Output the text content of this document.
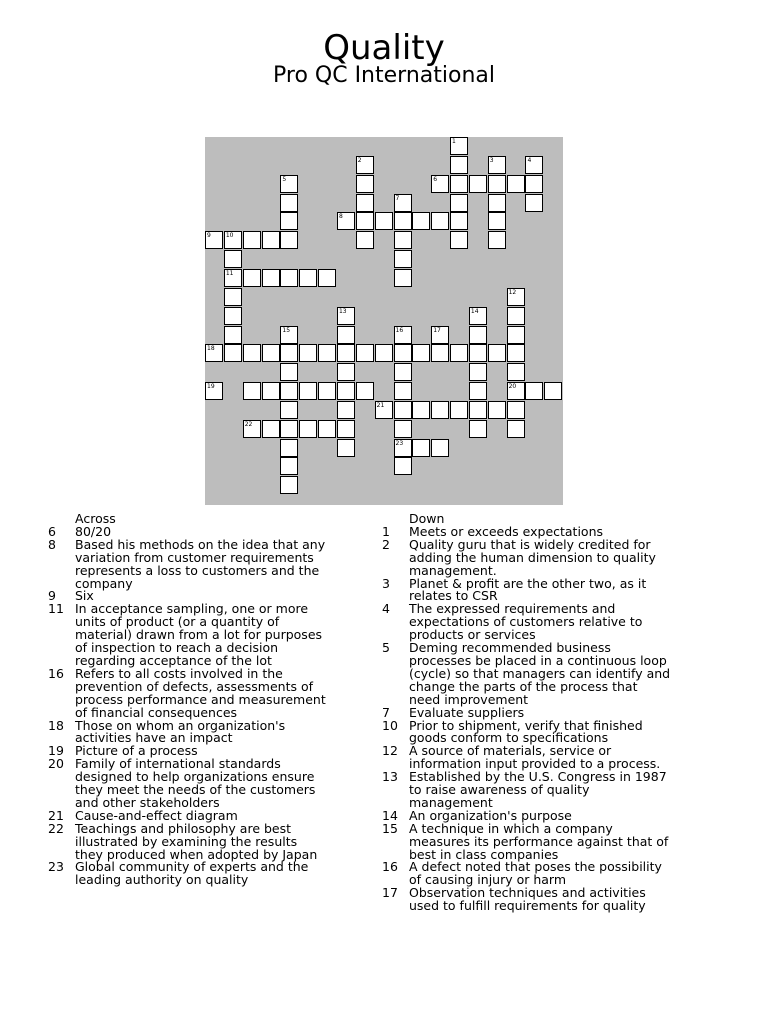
Quality
Pro QC International
1
2	3	4
5	6
7
8
9	10
11
12
20
13	14
15	16
23
17
18
19
21
22
Across
6	80/20
8	Based his methods on the idea that any variation from customer requirements represents a loss to customers and the company
9	Six
11 In acceptance sampling, one or more units of product (or a quantity of material) drawn from a lot for purposes of inspection to reach a decision regarding acceptance of the lot
16 Refers to all costs involved in the prevention of defects, assessments of process performance and measurement of financial consequences
18 Those on whom an organization's activities have an impact
19 Picture of a process
20 Family of international standards designed to help organizations ensure they meet the needs of the customers and other stakeholders
21 Cause-and-effect diagram
22 Teachings and philosophy are best illustrated by examining the results they produced when adopted by Japan
23 Global community of experts and the leading authority on quality
Down
1	Meets or exceeds expectations
2	Quality guru that is widely credited for adding the human dimension to quality management.
3	Planet & profit are the other two, as it relates to CSR
4	The expressed requirements and expectations of customers relative to products or services
5	Deming recommended business processes be placed in a continuous loop (cycle) so that managers can identify and change the parts of the process that need improvement
7	Evaluate suppliers
10 Prior to shipment, verify that finished goods conform to specifications
12 A source of materials, service or information input provided to a process.
13 Established by the U.S. Congress in 1987 to raise awareness of quality management
14 An organization's purpose
15 A technique in which a company measures its performance against that of best in class companies
16 A defect noted that poses the possibility of causing injury or harm
17 Observation techniques and activities used to fulfill requirements for quality
